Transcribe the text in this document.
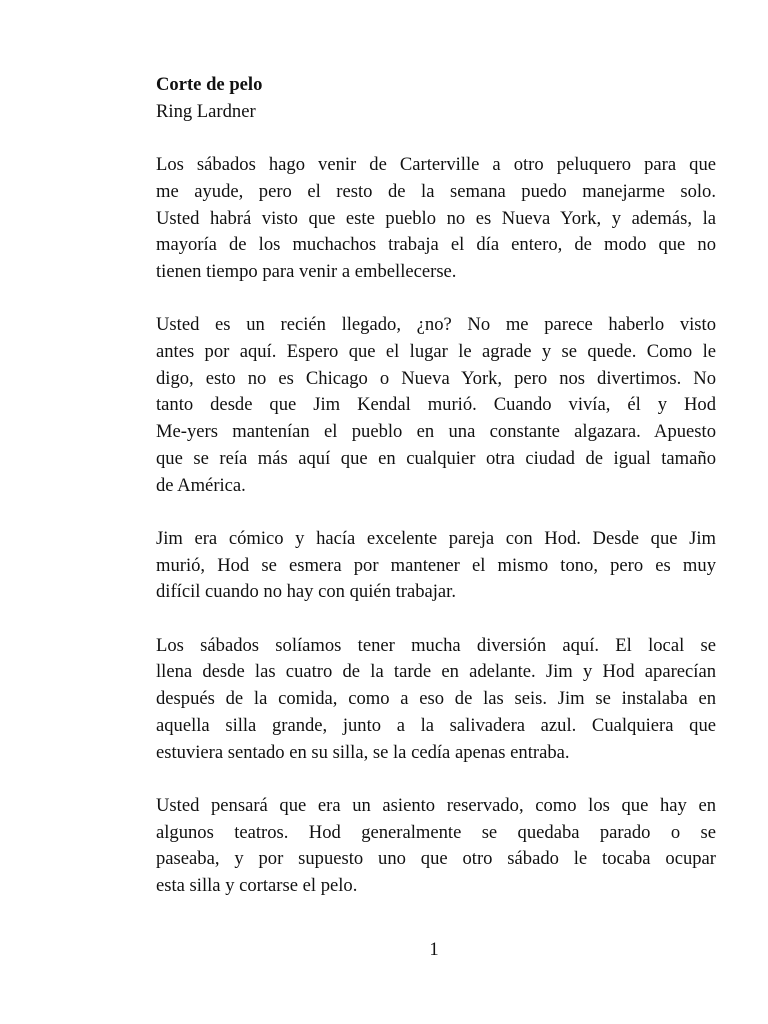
Corte de pelo

Ring Lardner

Los sábados hago venir de Carterville a otro peluquero para que
me ayude, pero el resto de la semana puedo manejarme solo.
Usted habrá visto que este pueblo no es Nueva York, y además, la
mayoría de los muchachos trabaja el día entero, de modo que no
tienen tiempo para venir a embellecerse.

Usted es un recién llegado, ¿no? No me parece haberlo visto
antes por aquí. Espero que el lugar le agrade y se quede. Como le
digo, esto no es Chicago o Nueva York, pero nos divertimos. No
tanto desde que Jim Kendal murió. Cuando vivía, él y Hod
Me-yers mantenían el pueblo en una constante algazara. Apuesto
que se reía más aquí que en cualquier otra ciudad de igual tamaño
de América.

Jim era cómico y hacía excelente pareja con Hod. Desde que Jim
murió, Hod se esmera por mantener el mismo tono, pero es muy
difícil cuando no hay con quién trabajar.

Los sábados solíamos tener mucha diversión aquí. El local se
llena desde las cuatro de la tarde en adelante. Jim y Hod aparecían
después de la comida, como a eso de las seis. Jim se instalaba en
aquella silla grande, junto a la salivadera azul. Cualquiera que
estuviera sentado en su silla, se la cedía apenas entraba.

Usted pensará que era un asiento reservado, como los que hay en
algunos teatros. Hod generalmente se quedaba parado o se
paseaba, y por supuesto uno que otro sábado le tocaba ocupar
esta silla y cortarse el pelo.

1
